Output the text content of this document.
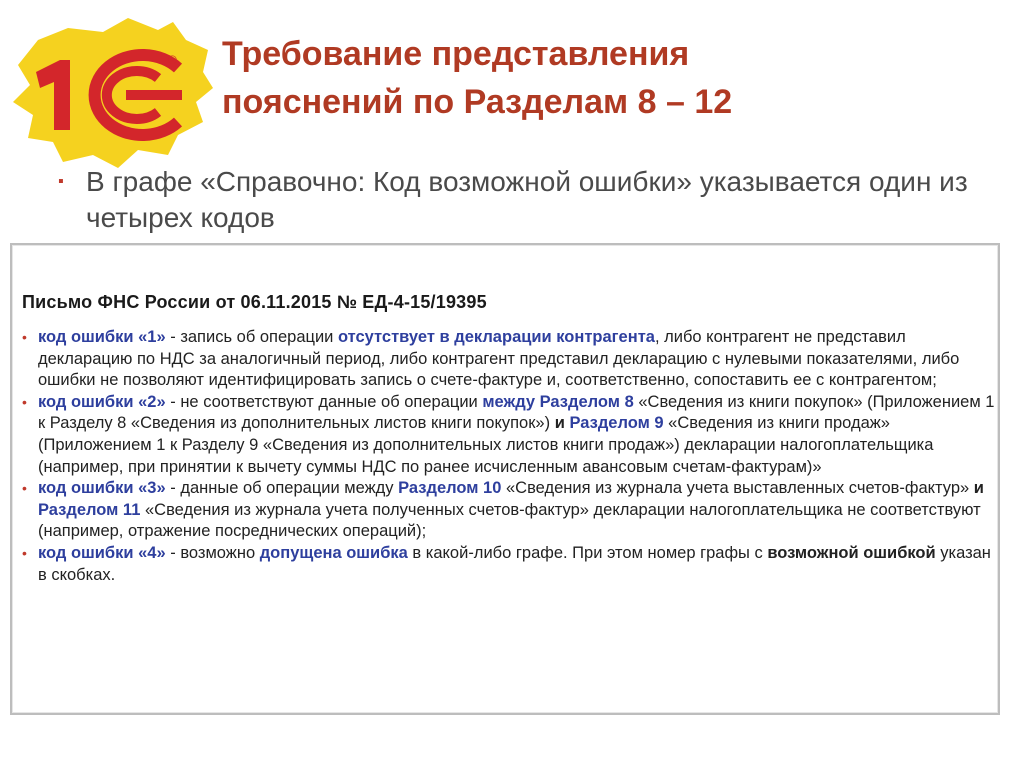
® Требование представления
пояснений по Разделам 8 – 12
▪ В графе «Справочно: Код возможной ошибки» указывается один из четырех кодов
Письмо ФНС России от 06.11.2015 № ЕД-4-15/19395
• код ошибки «1» - запись об операции отсутствует в декларации контрагента, либо контрагент не представил декларацию по НДС за аналогичный период, либо контрагент представил декларацию с нулевыми показателями, либо ошибки не позволяют идентифицировать запись о счете-фактуре и, соответственно, сопоставить ее с контрагентом;
• код ошибки «2» - не соответствуют данные об операции между Разделом 8 «Сведения из книги покупок» (Приложением 1 к Разделу 8 «Сведения из дополнительных листов книги покупок») и Разделом 9 «Сведения из книги продаж» (Приложением 1 к Разделу 9 «Сведения из дополнительных листов книги продаж») декларации налогоплательщика (например, при принятии к вычету суммы НДС по ранее исчисленным авансовым счетам-фактурам)»
• код ошибки «3» - данные об операции между Разделом 10 «Сведения из журнала учета выставленных счетов-фактур» и Разделом 11 «Сведения из журнала учета полученных счетов-фактур» декларации налогоплательщика не соответствуют (например, отражение посреднических операций);
• код ошибки «4» - возможно допущена ошибка в какой-либо графе. При этом номер графы с возможной ошибкой указан в скобках.
